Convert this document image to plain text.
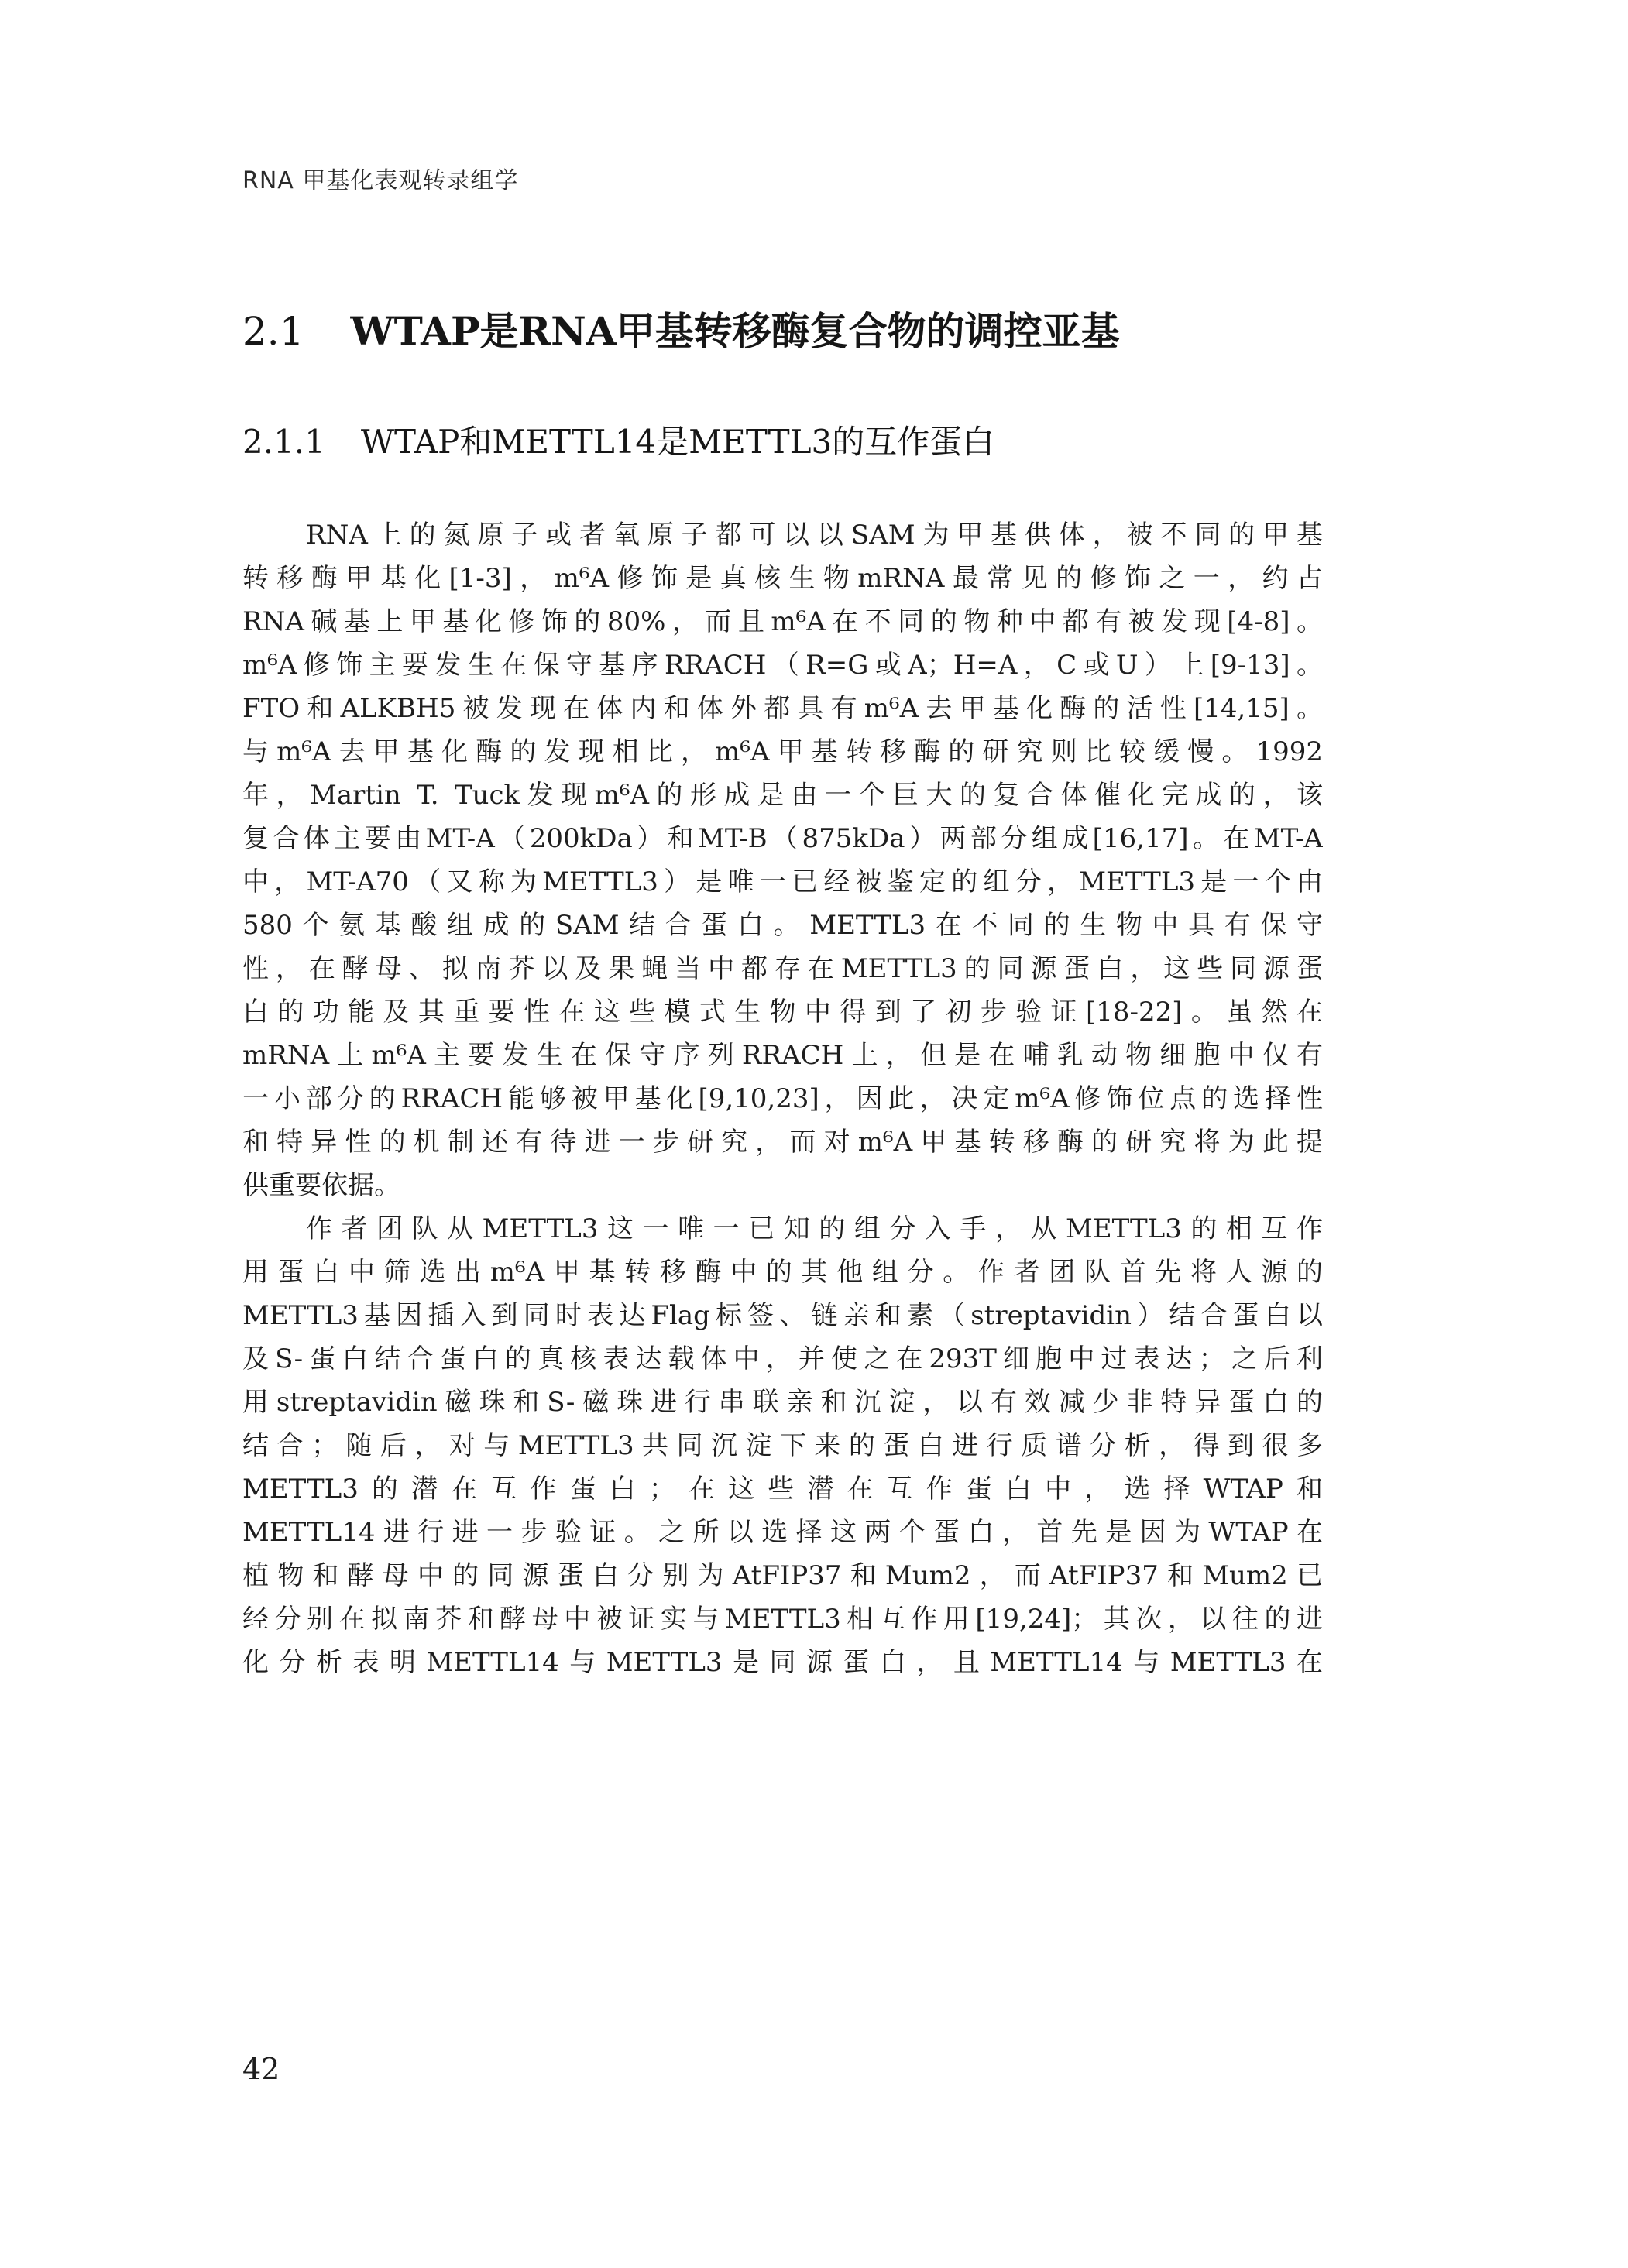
RNA 甲基化表观转录组学
2.1 WTAP是RNA甲基转移酶复合物的调控亚基
2.1.1 WTAP和METTL14是METTL3的互作蛋白
RNA上的氮原子或者氧原子都可以以SAM为甲基供体，被不同的甲基
转移酶甲基化[1-3]，m⁶A修饰是真核生物mRNA最常见的修饰之一，约占
RNA碱基上甲基化修饰的80%，而且m⁶A在不同的物种中都有被发现[4-8]。
m⁶A修饰主要发生在保守基序RRACH（R=G或A；H=A，C或U）上[9-13]。
FTO和ALKBH5被发现在体内和体外都具有m⁶A去甲基化酶的活性[14,15]。
与m⁶A去甲基化酶的发现相比，m⁶A甲基转移酶的研究则比较缓慢。1992
年，Martin T. Tuck发现m⁶A的形成是由一个巨大的复合体催化完成的，该
复合体主要由MT-A（200kDa）和MT-B（875kDa）两部分组成[16,17]。在MT-A
中，MT-A70（又称为METTL3）是唯一已经被鉴定的组分，METTL3是一个由
580个氨基酸组成的SAM结合蛋白。METTL3在不同的生物中具有保守
性，在酵母、拟南芥以及果蝇当中都存在METTL3的同源蛋白，这些同源蛋
白的功能及其重要性在这些模式生物中得到了初步验证[18-22]。虽然在
mRNA上m⁶A主要发生在保守序列RRACH上，但是在哺乳动物细胞中仅有
一小部分的RRACH能够被甲基化[9,10,23]，因此，决定m⁶A修饰位点的选择性
和特异性的机制还有待进一步研究，而对m⁶A甲基转移酶的研究将为此提
供重要依据。
作者团队从METTL3这一唯一已知的组分入手，从METTL3的相互作
用蛋白中筛选出m⁶A甲基转移酶中的其他组分。作者团队首先将人源的
METTL3基因插入到同时表达Flag标签、链亲和素（streptavidin）结合蛋白以
及S-蛋白结合蛋白的真核表达载体中，并使之在293T细胞中过表达；之后利
用streptavidin磁珠和S-磁珠进行串联亲和沉淀，以有效减少非特异蛋白的
结合；随后，对与METTL3共同沉淀下来的蛋白进行质谱分析，得到很多
METTL3的潜在互作蛋白；在这些潜在互作蛋白中，选择WTAP和
METTL14进行进一步验证。之所以选择这两个蛋白，首先是因为WTAP在
植物和酵母中的同源蛋白分别为AtFIP37和Mum2，而AtFIP37和Mum2已
经分别在拟南芥和酵母中被证实与METTL3相互作用[19,24]；其次，以往的进
化分析表明METTL14与METTL3是同源蛋白，且METTL14与METTL3在
42
